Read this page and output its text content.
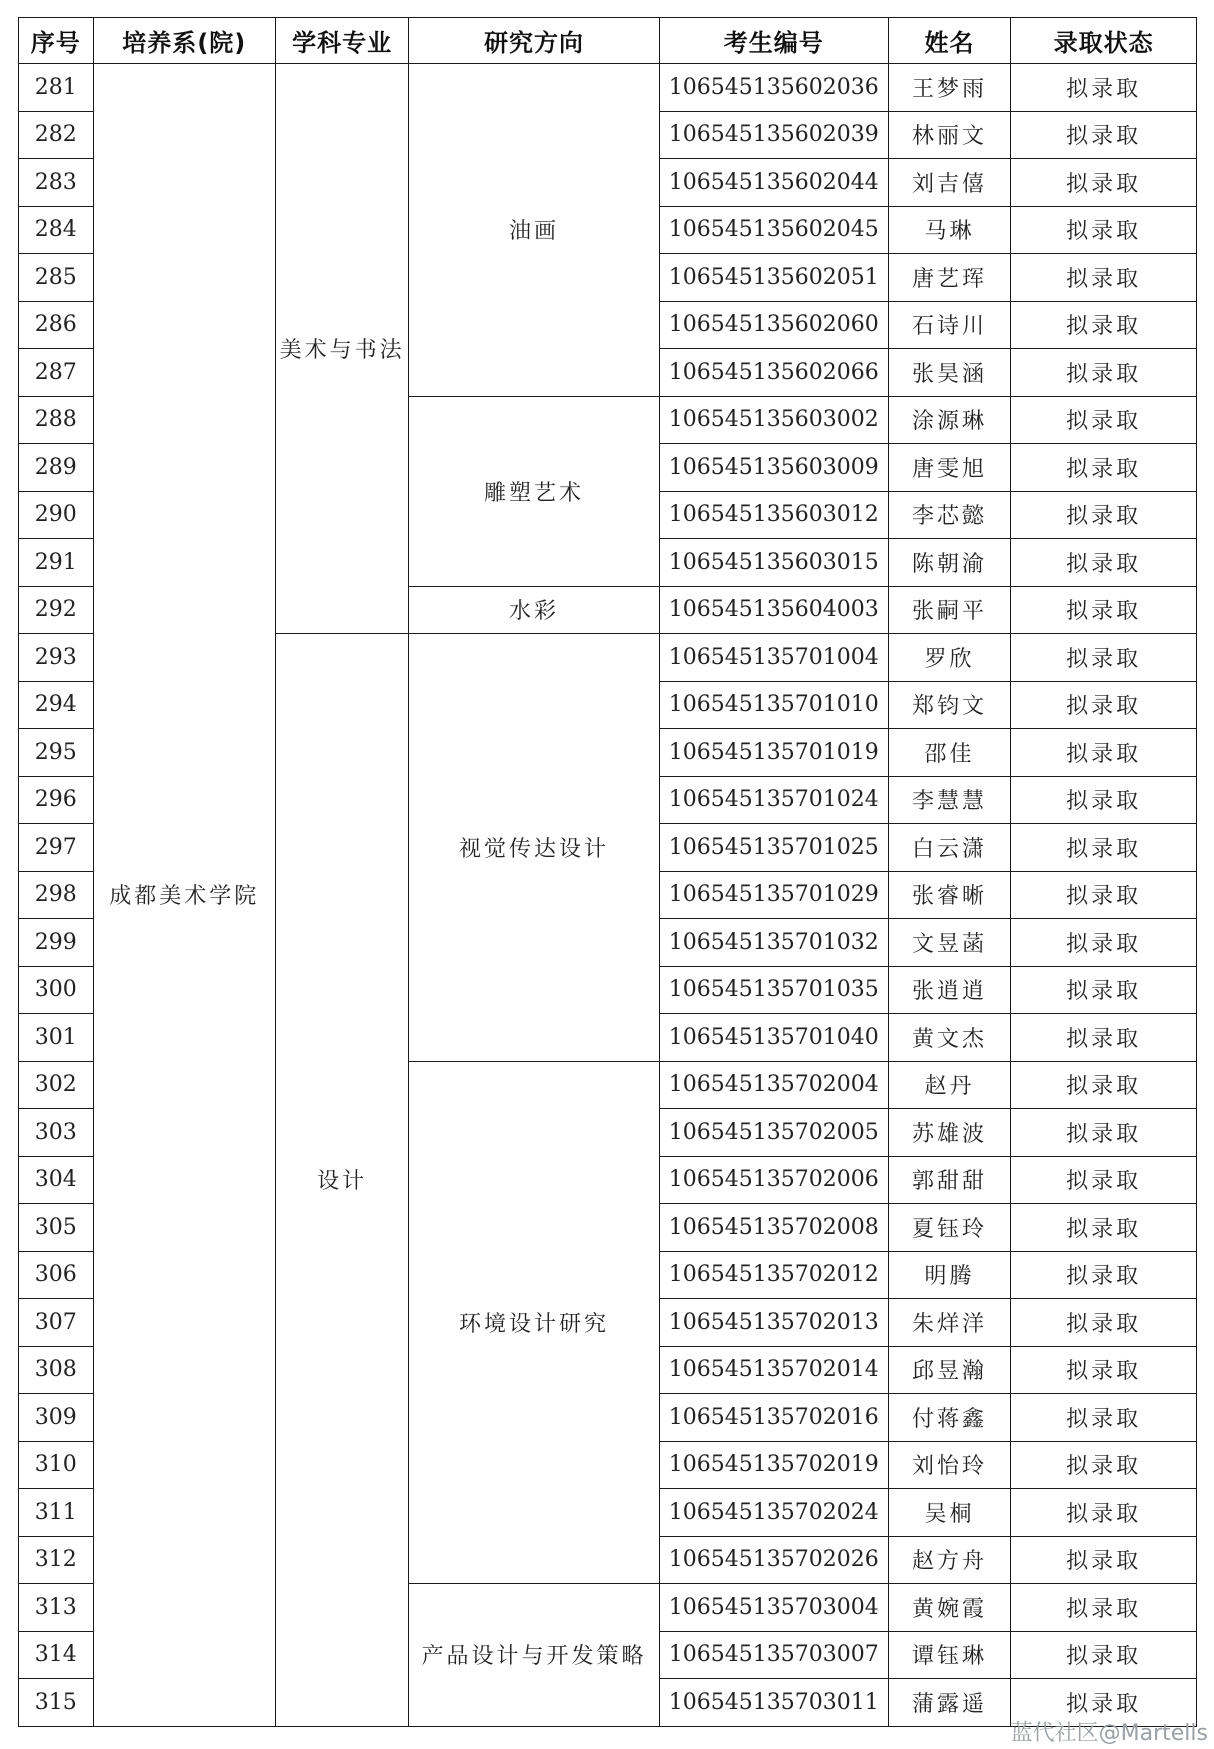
序号	培养系(院)	学科专业	研究方向	考生编号	姓名	录取状态
281	成都美术学院	美术与书法	油画	106545135602036	王梦雨	拟录取
282				106545135602039	林丽文	拟录取
283				106545135602044	刘吉僖	拟录取
284				106545135602045	马琳	拟录取
285				106545135602051	唐艺珲	拟录取
286				106545135602060	石诗川	拟录取
287				106545135602066	张昊涵	拟录取
288			雕塑艺术	106545135603002	涂源琳	拟录取
289				106545135603009	唐雯旭	拟录取
290				106545135603012	李芯懿	拟录取
291				106545135603015	陈朝渝	拟录取
292			水彩	106545135604003	张嗣平	拟录取
293		设计	视觉传达设计	106545135701004	罗欣	拟录取
294				106545135701010	郑钧文	拟录取
295				106545135701019	邵佳	拟录取
296				106545135701024	李慧慧	拟录取
297				106545135701025	白云潇	拟录取
298				106545135701029	张睿晰	拟录取
299				106545135701032	文昱菡	拟录取
300				106545135701035	张逍逍	拟录取
301				106545135701040	黄文杰	拟录取
302			环境设计研究	106545135702004	赵丹	拟录取
303				106545135702005	苏雄波	拟录取
304				106545135702006	郭甜甜	拟录取
305				106545135702008	夏钰玲	拟录取
306				106545135702012	明腾	拟录取
307				106545135702013	朱烊洋	拟录取
308				106545135702014	邱昱瀚	拟录取
309				106545135702016	付蒋鑫	拟录取
310				106545135702019	刘怡玲	拟录取
311				106545135702024	吴桐	拟录取
312				106545135702026	赵方舟	拟录取
313			产品设计与开发策略	106545135703004	黄婉霞	拟录取
314				106545135703007	谭钰琳	拟录取
315				106545135703011	蒲露遥	拟录取
蓝代社区@Martells
